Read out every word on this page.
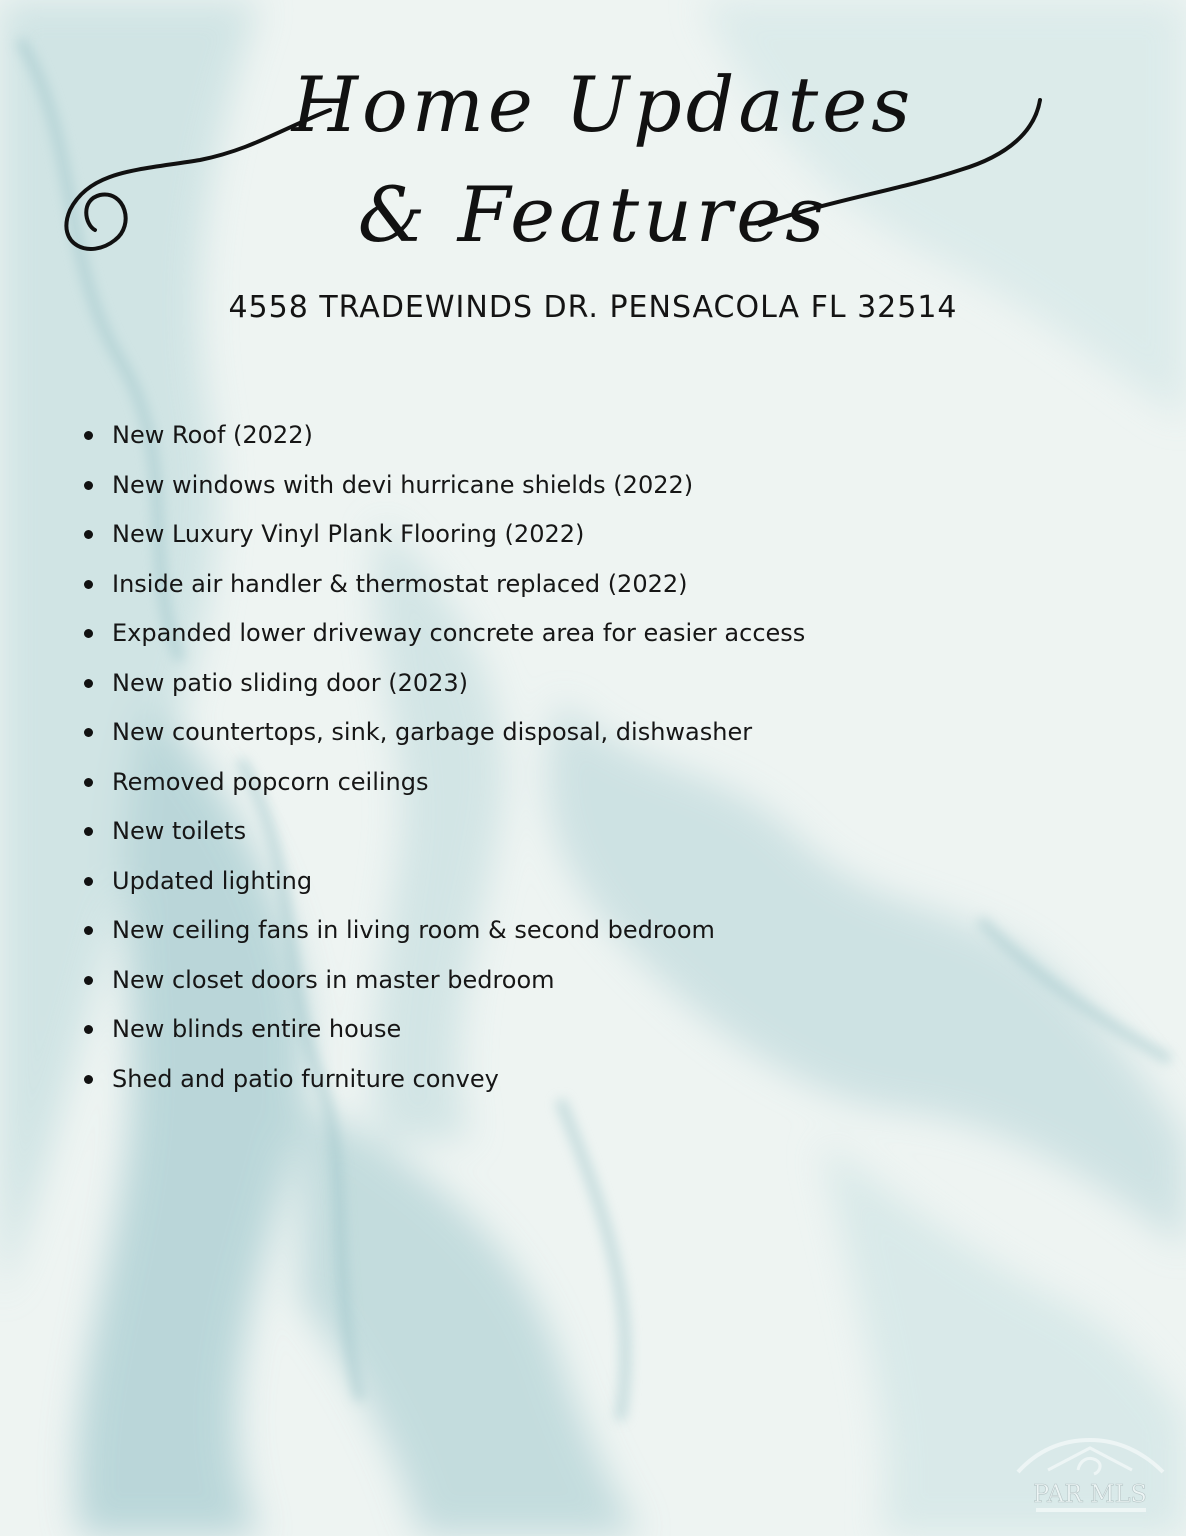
Home Updates
& Features
4558 TRADEWINDS DR. PENSACOLA FL 32514
New Roof (2022)
New windows with devi hurricane shields (2022)
New Luxury Vinyl Plank Flooring (2022)
Inside air handler & thermostat replaced (2022)
Expanded lower driveway concrete area for easier access
New patio sliding door (2023)
New countertops, sink, garbage disposal, dishwasher
Removed popcorn ceilings
New toilets
Updated lighting
New ceiling fans in living room & second bedroom
New closet doors in master bedroom
New blinds entire house
Shed and patio furniture convey
PAR MLS
